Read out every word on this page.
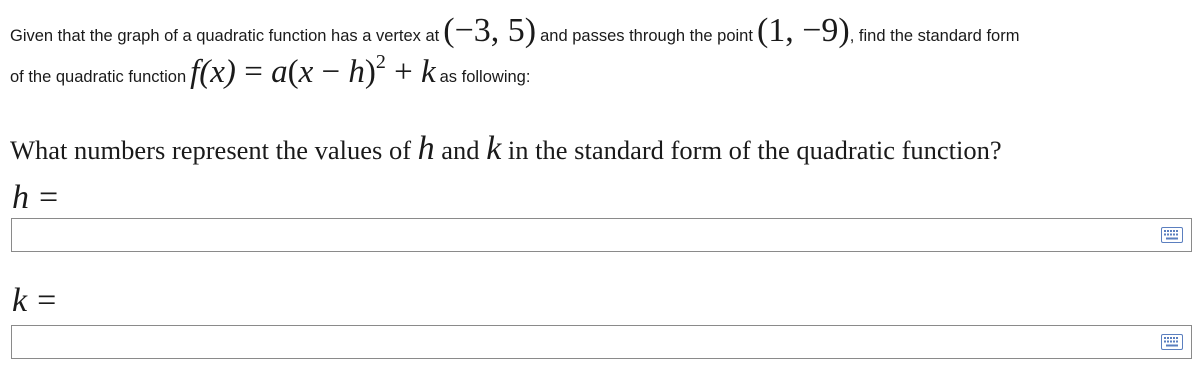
Given that the graph of a quadratic function has a vertex at (−3, 5) and passes through the point (1, −9), find the standard form
of the quadratic function f(x) = a(x − h)2 + k as following:
What numbers represent the values of h and k in the standard form of the quadratic function?
h =
k =
